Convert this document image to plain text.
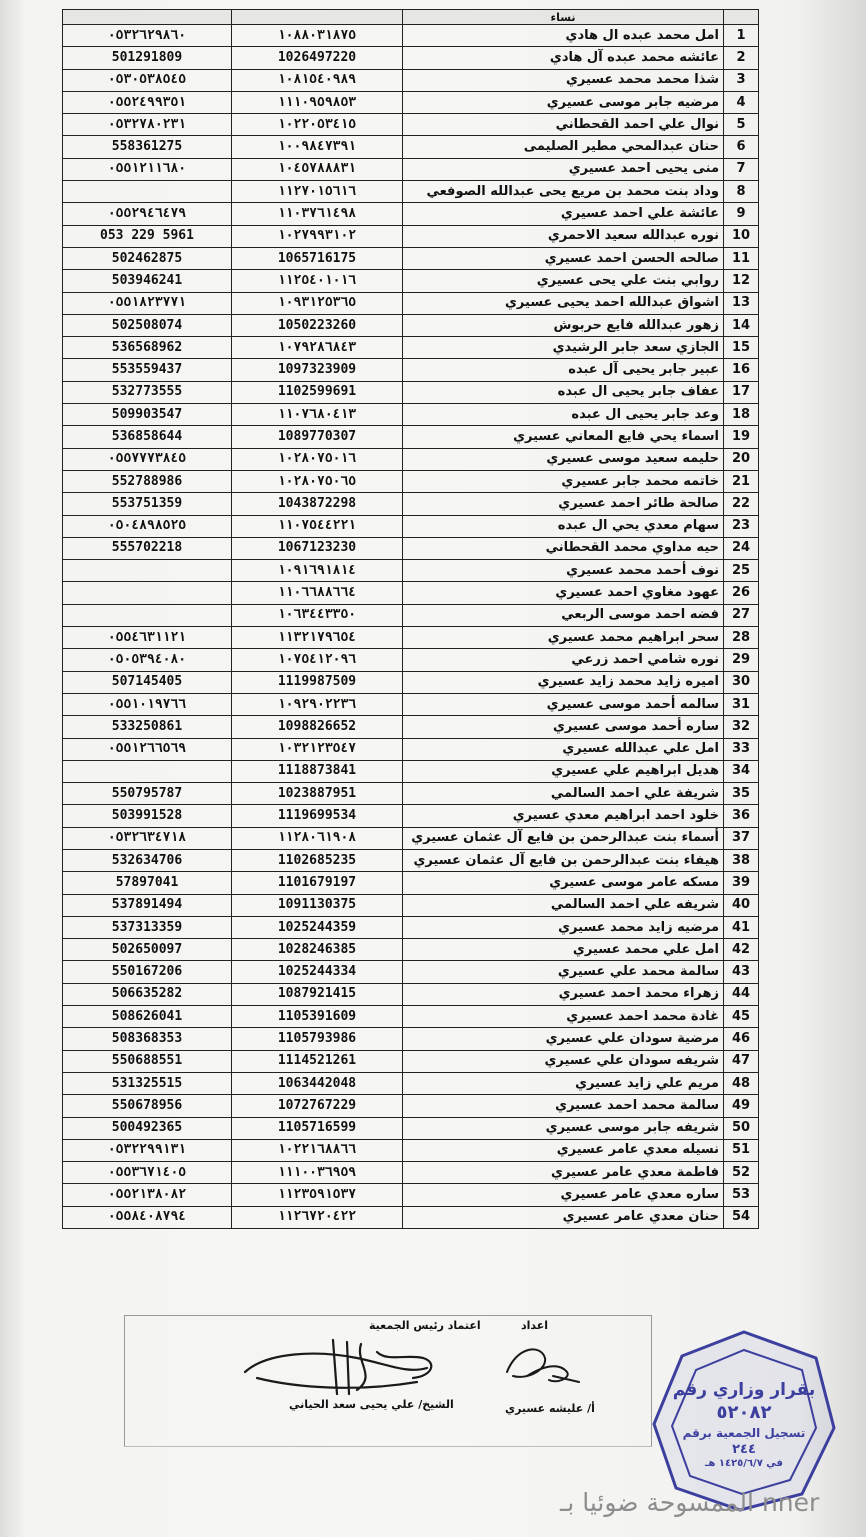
		نساء	
٠٥٣٢٦٢٩٨٦٠	١٠٨٨٠٣١٨٧٥	امل محمد عبده ال هادي	1
501291809	1026497220	عائشه محمد عبده آل هادي	2
٠٥٣٠٥٣٨٥٤٥	١٠٨١٥٤٠٩٨٩	شذا محمد محمد عسيري	3
٠٥٥٢٤٩٩٣٥١	١١١٠٩٥٩٨٥٣	مرضيه جابر موسى عسيري	4
٠٥٣٢٧٨٠٢٣١	١٠٢٢٠٥٣٤١٥	نوال علي احمد القحطاني	5
558361275	١٠٠٩٨٤٧٣٩١	حنان عبدالمحي مطير الصليمى	6
٠٥٥١٢١١٦٨٠	١٠٤٥٧٨٨٨٣١	منى يحيى احمد عسيري	7
	١١٢٧٠١٥٦١٦	وداد بنت محمد بن مريع يحى عبدالله الصوفعي	8
٠٥٥٢٩٤٦٤٧٩	١١٠٣٧٦١٤٩٨	عائشة علي احمد عسيري	9
053 229 5961	١٠٢٧٩٩٣١٠٢	نوره عبدالله سعيد الاحمري	10
502462875	1065716175	صالحه الحسن احمد عسيري	11
503946241	١١٢٥٤٠١٠١٦	روابي بنت علي يحى عسيري	12
٠٥٥١٨٢٣٧٧١	١٠٩٣١٢٥٣٦٥	اشواق عبدالله احمد يحيى عسيري	13
502508074	1050223260	زهور عبدالله فايع حربوش	14
536568962	١٠٧٩٢٨٦٨٤٣	الجازي سعد جابر الرشيدي	15
553559437	1097323909	عبير جابر يحيى آل عبده	16
532773555	1102599691	عفاف جابر يحيى ال عبده	17
509903547	١١٠٧٦٨٠٤١٣	وعد جابر يحيى ال عبده	18
536858644	1089770307	اسماء يحي فايع المعاني عسيري	19
٠٥٥٧٧٧٣٨٤٥	١٠٢٨٠٧٥٠١٦	حليمه سعيد موسى عسيري	20
552788986	١٠٢٨٠٧٥٠٦٥	خاتمه محمد جابر عسيري	21
553751359	1043872298	صالحة طائر احمد عسيري	22
٠٥٠٤٨٩٨٥٢٥	١١٠٧٥٤٤٢٢١	سهام معدي يحي ال عبده	23
555702218	1067123230	حيه مداوي محمد القحطاني	24
	١٠٩١٦٩١٨١٤	نوف أحمد محمد عسيري	25
	١١٠٦٦٨٨٦٦٤	عهود مغاوي احمد عسيري	26
	١٠٦٣٤٤٣٣٥٠	فضه احمد موسى الربعي	27
٠٥٥٤٦٣١١٢١	١١٣٢١٧٩٦٥٤	سحر ابراهيم محمد عسيري	28
٠٥٠٥٣٩٤٠٨٠	١٠٧٥٤١٢٠٩٦	نوره شامي احمد زرعي	29
507145405	1119987509	اميره زايد محمد زايد عسيري	30
٠٥٥١٠١٩٧٦٦	١٠٩٢٩٠٢٢٣٦	سالمه أحمد موسى عسيري	31
533250861	1098826652	ساره أحمد موسى عسيري	32
٠٥٥١٢٦٦٥٦٩	١٠٣٢١٢٣٥٤٧	امل علي عبدالله عسيري	33
	1118873841	هديل ابراهيم علي عسيري	34
550795787	1023887951	شريفة علي احمد السالمي	35
503991528	1119699534	خلود احمد ابراهيم معدي عسيري	36
٠٥٣٢٦٣٤٧١٨	١١٢٨٠٦١٩٠٨	أسماء بنت عبدالرحمن بن فايع آل عثمان عسيري	37
532634706	1102685235	هيفاء بنت عبدالرحمن بن فايع آل عثمان عسيري	38
57897041	1101679197	مسكه عامر موسى عسيري	39
537891494	1091130375	شريفه علي احمد السالمي	40
537313359	1025244359	مرضيه زايد محمد عسيري	41
502650097	1028246385	امل علي محمد عسيري	42
550167206	1025244334	سالمة محمد علي عسيري	43
506635282	1087921415	زهراء محمد احمد عسيري	44
508626041	1105391609	غادة محمد احمد عسيري	45
508368353	1105793986	مرضية سودان علي عسيري	46
550688551	1114521261	شريفه سودان علي عسيري	47
531325515	1063442048	مريم علي زايد عسيري	48
550678956	1072767229	سالمة محمد احمد عسيري	49
500492365	1105716599	شريفه جابر موسى عسيري	50
٠٥٣٢٢٩٩١٣١	١٠٢٢١٦٨٨٦٦	نسيله معدي عامر عسيري	51
٠٥٥٣٦٧١٤٠٥	١١١٠٠٣٦٩٥٩	فاطمة معدي عامر عسيري	52
٠٥٥٢١٣٨٠٨٢	١١٢٣٥٩١٥٣٧	ساره معدي عامر عسيري	53
٠٥٥٨٤٠٨٧٩٤	١١٢٦٧٢٠٤٢٢	حنان معدي عامر عسيري	54
اعتماد رئيس الجمعية	اعداد
الشيخ/ علي يحيى سعد الحياني	أ/ عليشه عسيري
بقرار وزاري رقم
٥٢٠٨٢
تسجيل الجمعية برقم
٢٤٤
في ١٤٢٥/٦/٧ هـ
nner الممسوحة ضوئيا بـ
